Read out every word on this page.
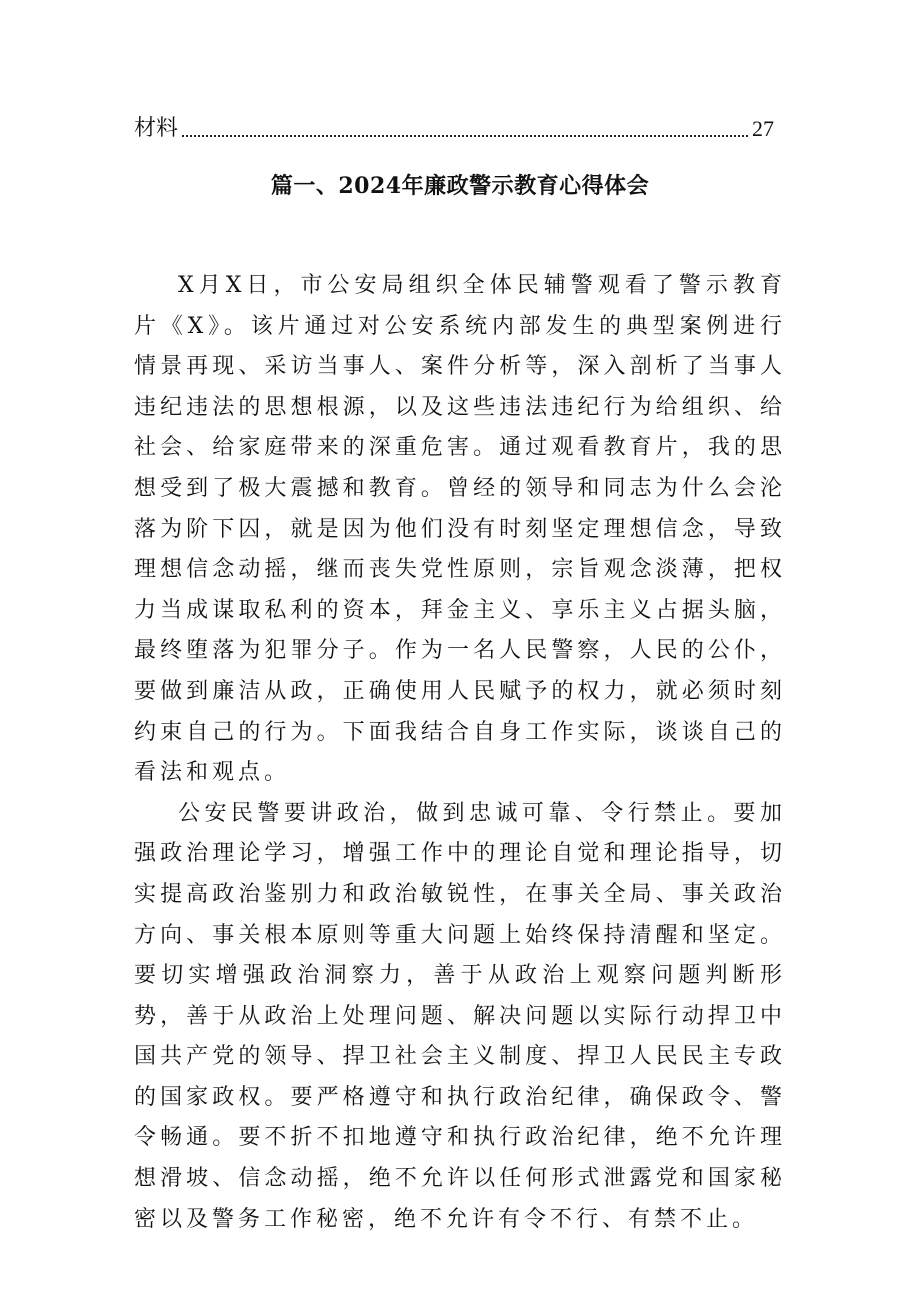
材料	27
篇一、2024年廉政警示教育心得体会

X月X日，市公安局组织全体民辅警观看了警示教育片《X》。该片通过对公安系统内部发生的典型案例进行情景再现、采访当事人、案件分析等，深入剖析了当事人违纪违法的思想根源，以及这些违法违纪行为给组织、给社会、给家庭带来的深重危害。通过观看教育片，我的思想受到了极大震撼和教育。曾经的领导和同志为什么会沦落为阶下囚，就是因为他们没有时刻坚定理想信念，导致理想信念动摇，继而丧失党性原则，宗旨观念淡薄，把权力当成谋取私利的资本，拜金主义、享乐主义占据头脑，最终堕落为犯罪分子。作为一名人民警察，人民的公仆，要做到廉洁从政，正确使用人民赋予的权力，就必须时刻约束自己的行为。下面我结合自身工作实际，谈谈自己的看法和观点。

公安民警要讲政治，做到忠诚可靠、令行禁止。要加强政治理论学习，增强工作中的理论自觉和理论指导，切实提高政治鉴别力和政治敏锐性，在事关全局、事关政治方向、事关根本原则等重大问题上始终保持清醒和坚定。要切实增强政治洞察力，善于从政治上观察问题判断形势，善于从政治上处理问题、解决问题以实际行动捍卫中国共产党的领导、捍卫社会主义制度、捍卫人民民主专政的国家政权。要严格遵守和执行政治纪律，确保政令、警令畅通。要不折不扣地遵守和执行政治纪律，绝不允许理想滑坡、信念动摇，绝不允许以任何形式泄露党和国家秘密以及警务工作秘密，绝不允许有令不行、有禁不止。
